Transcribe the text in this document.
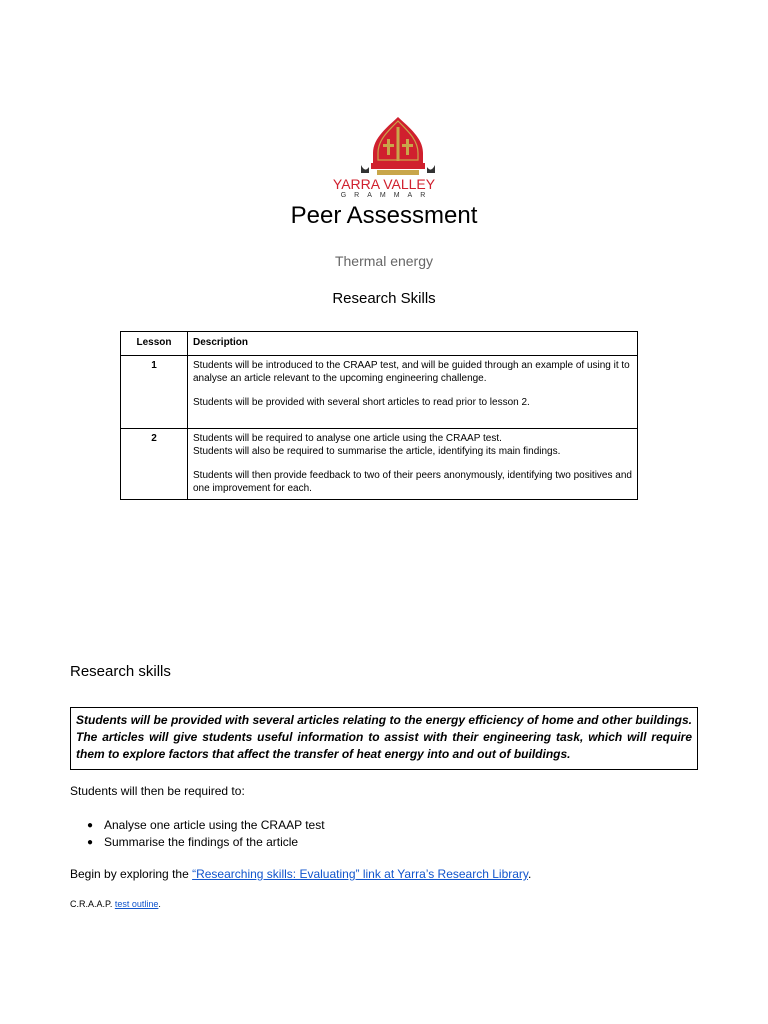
YARRA VALLEY
GRAMMAR
Peer Assessment
Thermal energy
Research Skills
Lesson	Description
1	Students will be introduced to the CRAAP test, and will be guided through an example of using it to analyse an article relevant to the upcoming engineering challenge.
Students will be provided with several short articles to read prior to lesson 2.

2	Students will be required to analyse one article using the CRAAP test.
Students will also be required to summarise the article, identifying its main findings.
Students will then provide feedback to two of their peers anonymously, identifying two positives and one improvement for each.
Research skills
Students will be provided with several articles relating to the energy efficiency of home and other buildings. The articles will give students useful information to assist with their engineering task, which will require them to explore factors that affect the transfer of heat energy into and out of buildings.
Students will then be required to:
● Analyse one article using the CRAAP test
● Summarise the findings of the article
Begin by exploring the “Researching skills: Evaluating” link at Yarra’s Research Library.
C.R.A.A.P. test outline.
